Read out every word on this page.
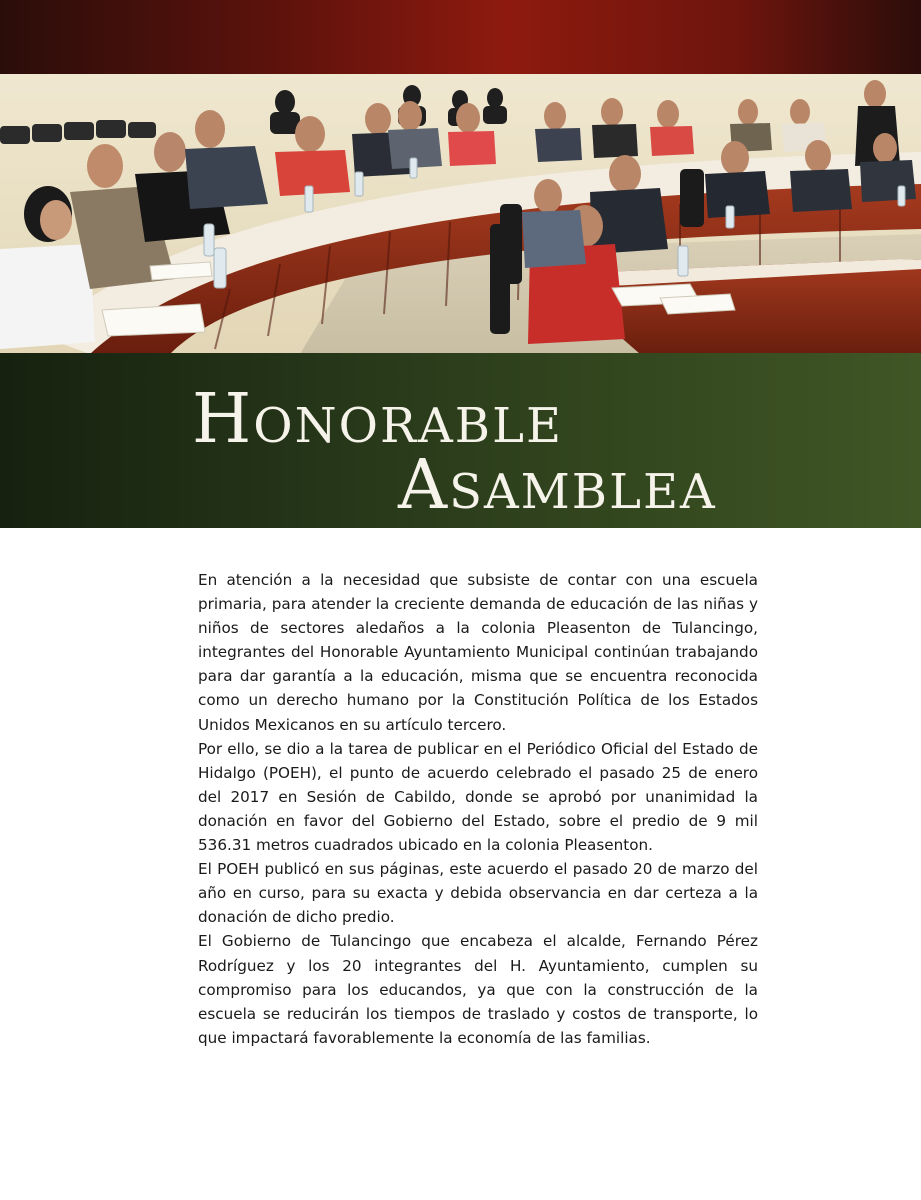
Honorable
Asamblea

En atención a la necesidad que subsiste de contar con una escuela primaria, para atender la creciente demanda de educación de las niñas y niños de sectores aledaños a la colonia Pleasenton de Tulancingo, integrantes del Honorable Ayuntamiento Municipal continúan trabajando para dar garantía a la educación, misma que se encuentra reconocida como un derecho humano por la Constitución Política de los Estados Unidos Mexicanos en su artículo tercero.

Por ello, se dio a la tarea de publicar en el Periódico Oficial del Estado de Hidalgo (POEH), el punto de acuerdo celebrado el pasado 25 de enero del 2017 en Sesión de Cabildo, donde se aprobó por unanimidad la donación en favor del Gobierno del Estado, sobre el predio de 9 mil 536.31 metros cuadrados ubicado en la colonia Pleasenton.

El POEH publicó en sus páginas, este acuerdo el pasado 20 de marzo del año en curso, para su exacta y debida observancia en dar certeza a la donación de dicho predio.

El Gobierno de Tulancingo que encabeza el alcalde, Fernando Pérez Rodríguez y los 20 integrantes del H. Ayuntamiento, cumplen su compromiso para los educandos, ya que con la construcción de la escuela se reducirán los tiempos de traslado y costos de transporte, lo que impactará favorablemente la economía de las familias.
